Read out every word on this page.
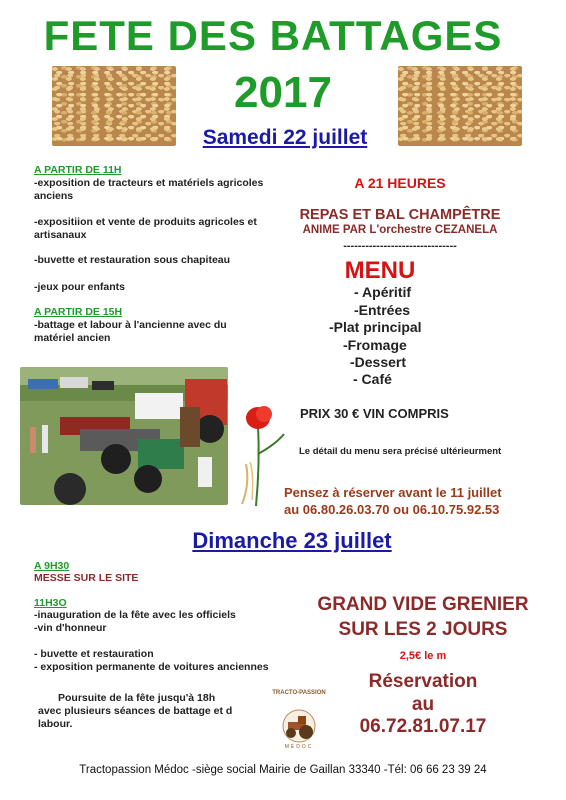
FETE DES BATTAGES
2017
Samedi 22 juillet
A PARTIR DE 11H
-exposition de tracteurs et matériels agricoles anciens
-expositiion et vente de produits agricoles et artisanaux
-buvette et restauration sous chapiteau
-jeux pour enfants
A PARTIR DE 15H
-battage et labour à l'ancienne avec du matériel ancien
A 21 HEURES
REPAS ET BAL CHAMPÊTRE
ANIME PAR L'orchestre CEZANELA
-------------------------------
MENU
- Apéritif
-Entrées
-Plat principal
-Fromage
-Dessert
- Café
PRIX 30 € VIN COMPRIS
Le détail du menu sera précisé ultérieurment
Pensez à réserver avant le 11 juillet
au 06.80.26.03.70 ou 06.10.75.92.53
Dimanche 23 juillet
A 9H30
MESSE SUR LE SITE
11H3O
-inauguration de la fête avec les officiels
-vin d'honneur
- buvette et restauration
- exposition permanente de voitures anciennes
Poursuite de la fête jusqu'à 18h
avec plusieurs séances de battage et d
labour.
TRACTO-PASSION
MÉDOC
GRAND VIDE GRENIER
SUR LES 2 JOURS
2,5€ le m
Réservation
au
06.72.81.07.17
Tractopassion Médoc -siège social Mairie de Gaillan 33340 -Tél: 06 66 23 39 24
